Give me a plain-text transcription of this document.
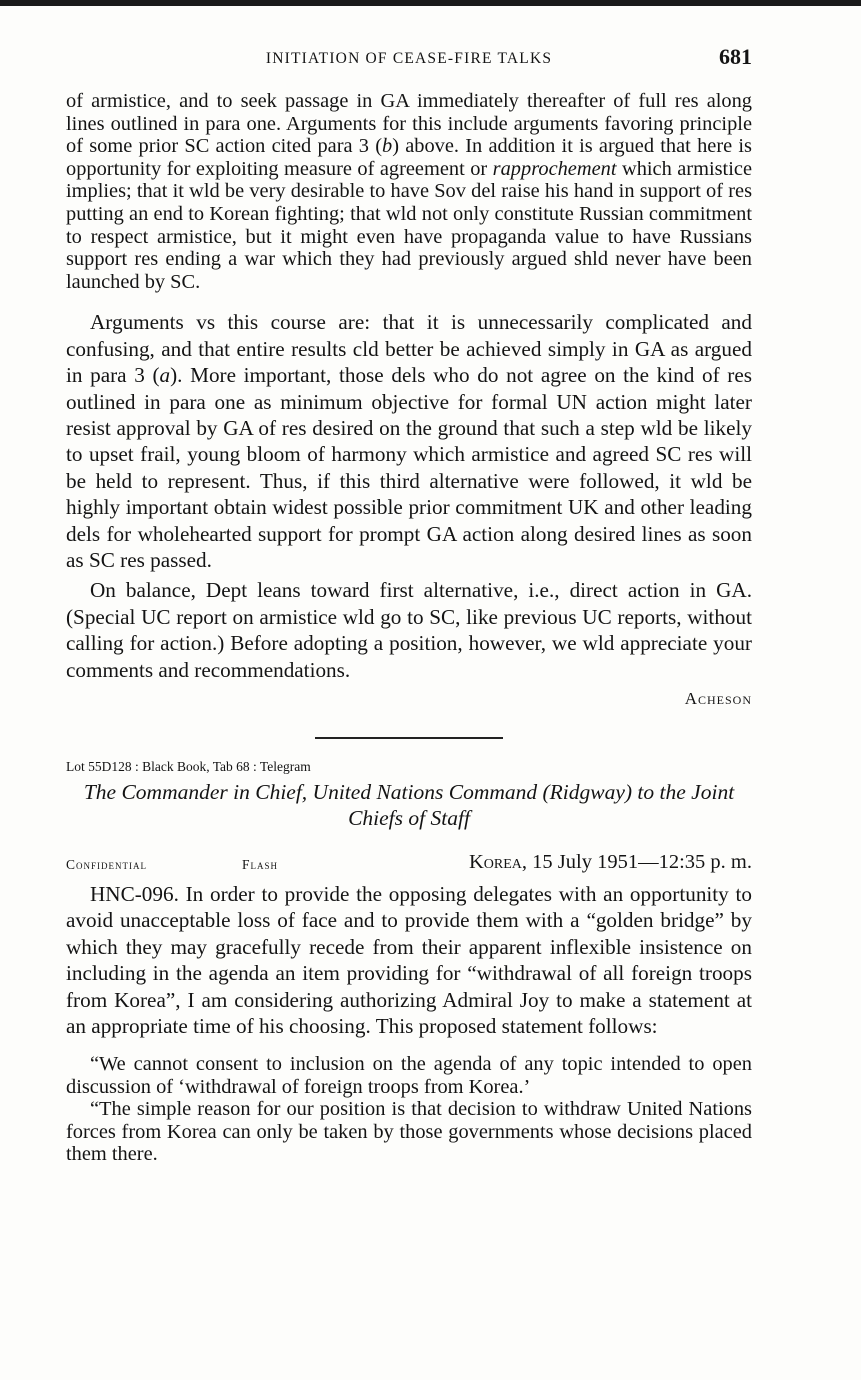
INITIATION OF CEASE-FIRE TALKS	681

of armistice, and to seek passage in GA immediately thereafter of full res along lines outlined in para one. Arguments for this include arguments favoring principle of some prior SC action cited para 3 (b) above. In addition it is argued that here is opportunity for exploiting measure of agreement or rapprochement which armistice implies; that it wld be very desirable to have Sov del raise his hand in support of res putting an end to Korean fighting; that wld not only constitute Russian commitment to respect armistice, but it might even have propaganda value to have Russians support res ending a war which they had previously argued shld never have been launched by SC.

Arguments vs this course are: that it is unnecessarily complicated and confusing, and that entire results cld better be achieved simply in GA as argued in para 3 (a). More important, those dels who do not agree on the kind of res outlined in para one as minimum objective for formal UN action might later resist approval by GA of res desired on the ground that such a step wld be likely to upset frail, young bloom of harmony which armistice and agreed SC res will be held to represent. Thus, if this third alternative were followed, it wld be highly important obtain widest possible prior commitment UK and other leading dels for wholehearted support for prompt GA action along desired lines as soon as SC res passed.

On balance, Dept leans toward first alternative, i.e., direct action in GA. (Special UC report on armistice wld go to SC, like previous UC reports, without calling for action.) Before adopting a position, however, we wld appreciate your comments and recommendations.

Acheson

Lot 55D128 : Black Book, Tab 68 : Telegram

The Commander in Chief, United Nations Command (Ridgway) to the Joint Chiefs of Staff

Confidential	Flash	Korea, 15 July 1951—12:35 p. m.

HNC-096. In order to provide the opposing delegates with an opportunity to avoid unacceptable loss of face and to provide them with a “golden bridge” by which they may gracefully recede from their apparent inflexible insistence on including in the agenda an item providing for “withdrawal of all foreign troops from Korea”, I am considering authorizing Admiral Joy to make a statement at an appropriate time of his choosing. This proposed statement follows:

“We cannot consent to inclusion on the agenda of any topic intended to open discussion of ‘withdrawal of foreign troops from Korea.’

“The simple reason for our position is that decision to withdraw United Nations forces from Korea can only be taken by those governments whose decisions placed them there.
